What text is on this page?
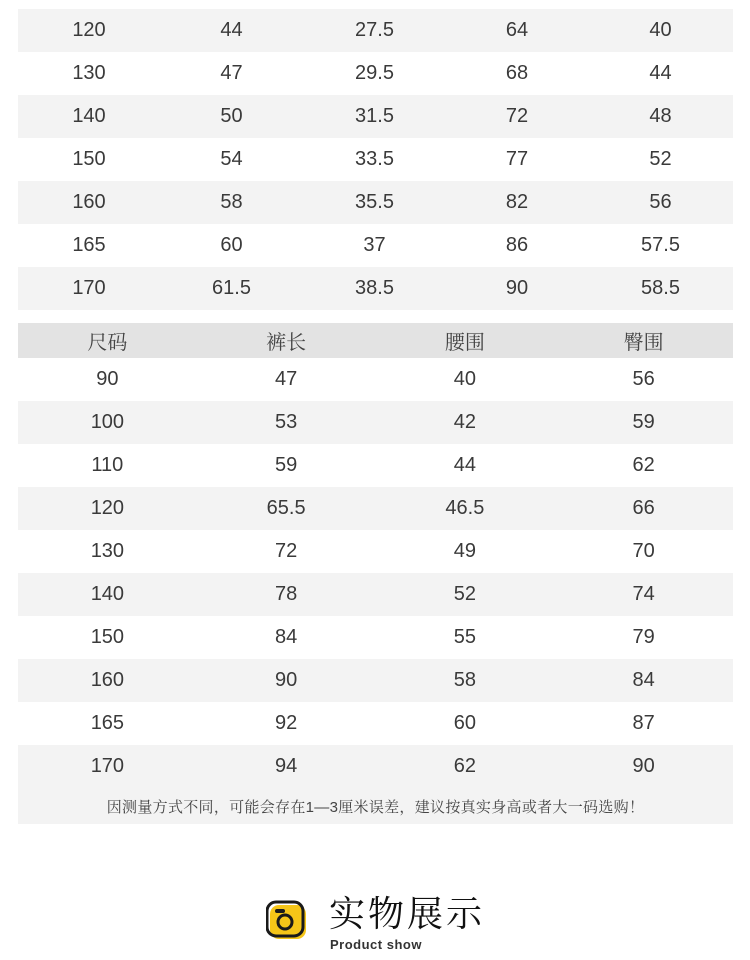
120	44	27.5	64	40
130	47	29.5	68	44
140	50	31.5	72	48
150	54	33.5	77	52
160	58	35.5	82	56
165	60	37	86	57.5
170	61.5	38.5	90	58.5
尺码	裤长	腰围	臀围
90	47	40	56
100	53	42	59
110	59	44	62
120	65.5	46.5	66
130	72	49	70
140	78	52	74
150	84	55	79
160	90	58	84
165	92	60	87
170	94	62	90
因测量方式不同，可能会存在1—3厘米误差，建议按真实身高或者大一码选购！
实物展示
Product show
